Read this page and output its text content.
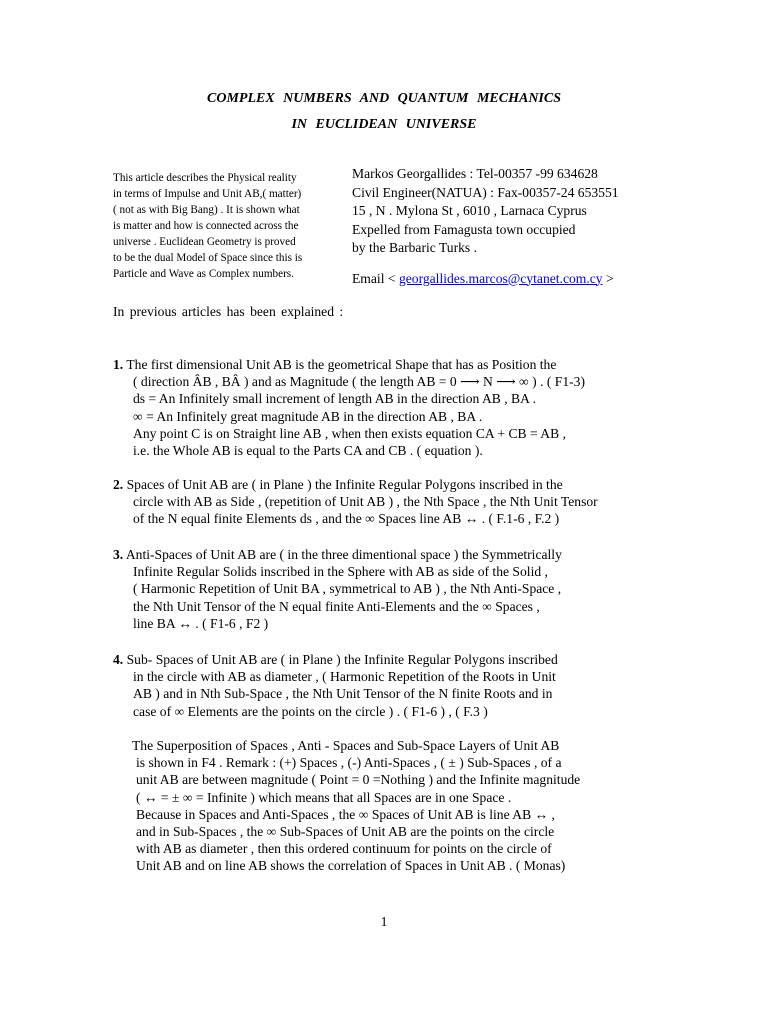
COMPLEX NUMBERS AND QUANTUM MECHANICS
IN EUCLIDEAN UNIVERSE
This article describes the Physical reality
in terms of Impulse and Unit AB,( matter)
( not as with Big Bang) . It is shown what
is matter and how is connected across the
universe . Euclidean Geometry is proved
to be the dual Model of Space since this is
Particle and Wave as Complex numbers.
Markos Georgallides : Tel-00357 -99 634628
Civil Engineer(NATUA) : Fax-00357-24 653551
15 , N . Mylona St , 6010 , Larnaca Cyprus
Expelled from Famagusta town occupied
by the Barbaric Turks .
Email < georgallides.marcos@cytanet.com.cy >
In previous articles has been explained :
1. The first dimensional Unit AB is the geometrical Shape that has as Position the
( direction ÂB , BÂ ) and as Magnitude ( the length AB = 0 ⟶ N ⟶ ∞ ) . ( F1-3)
ds = An Infinitely small increment of length AB in the direction AB , BA .
∞ = An Infinitely great magnitude AB in the direction AB , BA .
Any point C is on Straight line AB , when then exists equation CA + CB = AB ,
i.e. the Whole AB is equal to the Parts CA and CB . ( equation ).
2. Spaces of Unit AB are ( in Plane ) the Infinite Regular Polygons inscribed in the
circle with AB as Side , (repetition of Unit AB ) , the Nth Space , the Nth Unit Tensor
of the N equal finite Elements ds , and the ∞ Spaces line AB ↔ . ( F.1-6 , F.2 )
3. Anti-Spaces of Unit AB are ( in the three dimentional space ) the Symmetrically
Infinite Regular Solids inscribed in the Sphere with AB as side of the Solid ,
( Harmonic Repetition of Unit BA , symmetrical to AB ) , the Nth Anti-Space ,
the Nth Unit Tensor of the N equal finite Anti-Elements and the ∞ Spaces ,
line BA ↔ . ( F1-6 , F2 )
4. Sub- Spaces of Unit AB are ( in Plane ) the Infinite Regular Polygons inscribed
in the circle with AB as diameter , ( Harmonic Repetition of the Roots in Unit
AB ) and in Nth Sub-Space , the Nth Unit Tensor of the N finite Roots and in
case of ∞ Elements are the points on the circle ) . ( F1-6 ) , ( F.3 )
The Superposition of Spaces , Anti - Spaces and Sub-Space Layers of Unit AB
is shown in F4 . Remark : (+) Spaces , (-) Anti-Spaces , ( ± ) Sub-Spaces , of a
unit AB are between magnitude ( Point = 0 =Nothing ) and the Infinite magnitude
( ↔ = ± ∞ = Infinite ) which means that all Spaces are in one Space .
Because in Spaces and Anti-Spaces , the ∞ Spaces of Unit AB is line AB ↔ ,
and in Sub-Spaces , the ∞ Sub-Spaces of Unit AB are the points on the circle
with AB as diameter , then this ordered continuum for points on the circle of
Unit AB and on line AB shows the correlation of Spaces in Unit AB . ( Monas)
1
